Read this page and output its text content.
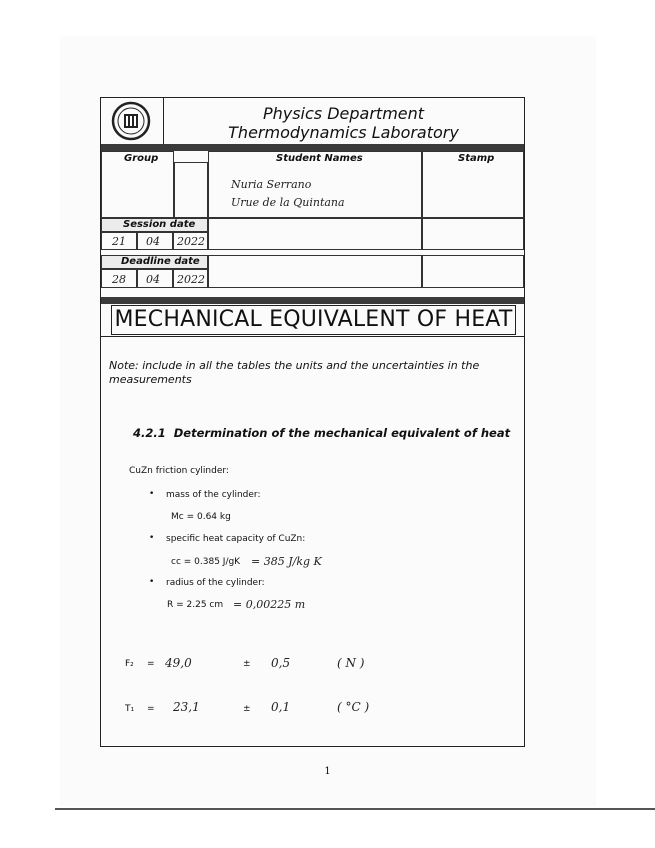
Physics Department
Thermodynamics Laboratory
Group	Student Names	Stamp
Nuria Serrano
Urue de la Quintana
Session date
21 04 2022
Deadline date
28 04 2022
MECHANICAL EQUIVALENT OF HEAT
Note: include in all the tables the units and the uncertainties in the measurements
4.2.1 Determination of the mechanical equivalent of heat
CuZn friction cylinder:
• mass of the cylinder:
Mᴄ = 0.64 kg
• specific heat capacity of CuZn:
cᴄ = 0.385 J/gK = 385 J/kg K
• radius of the cylinder:
R = 2.25 cm = 0,00225 m
F₂ = 49,0	± 0,5	( N )
T₁ = 23,1	± 0,1	( °C )
1
